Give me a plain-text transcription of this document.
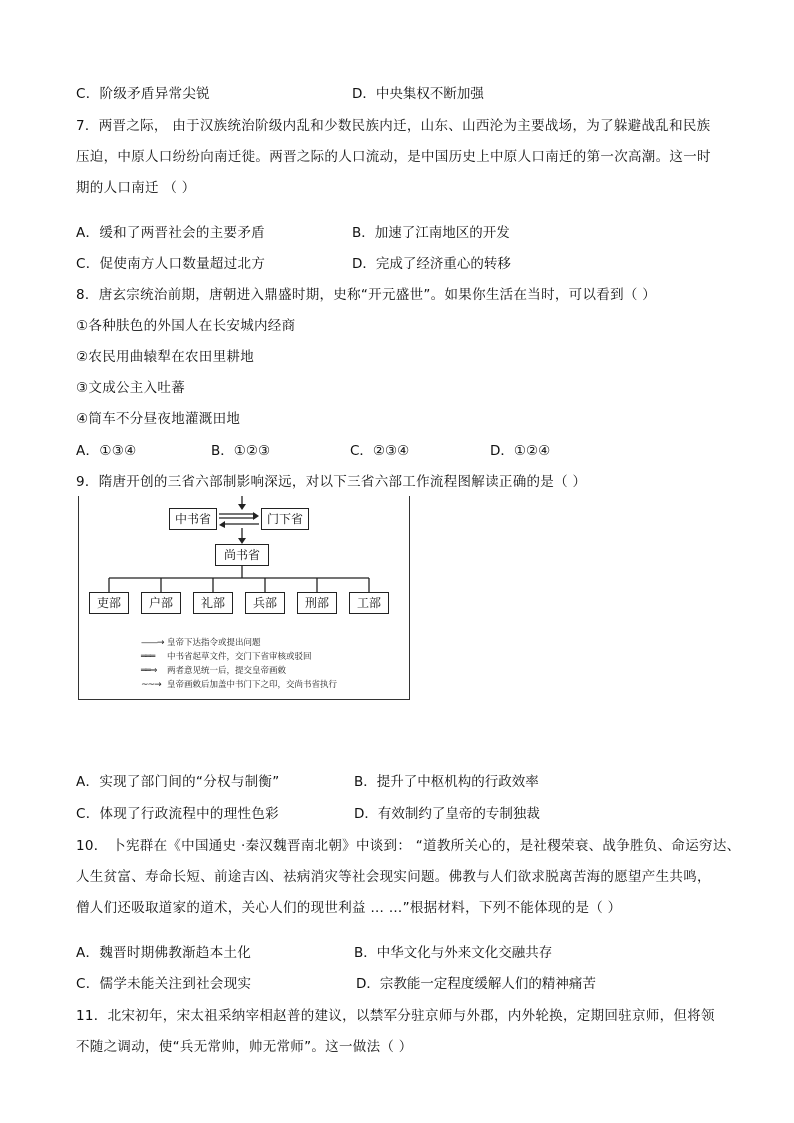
C．阶级矛盾异常尖锐	D．中央集权不断加强
7．两晋之际， 由于汉族统治阶级内乱和少数民族内迁，山东、山西沦为主要战场，为了躲避战乱和民族
压迫，中原人口纷纷向南迁徙。两晋之际的人口流动，是中国历史上中原人口南迁的第一次高潮。这一时
期的人口南迁 （ ）
A．缓和了两晋社会的主要矛盾	B．加速了江南地区的开发
C．促使南方人口数量超过北方	D．完成了经济重心的转移
8．唐玄宗统治前期，唐朝进入鼎盛时期，史称“开元盛世”。如果你生活在当时，可以看到（ ）
①各种肤色的外国人在长安城内经商
②农民用曲辕犁在农田里耕地
③文成公主入吐蕃
④筒车不分昼夜地灌溉田地
A．①③④	B．①②③	C．②③④	D．①②④
9．隋唐开创的三省六部制影响深远，对以下三省六部工作流程图解读正确的是（ ）
中书省	门下省
尚书省
吏部	户部	礼部	兵部	刑部	工部
——→ 皇帝下达指令或提出问题
═══ 中书省起草文件，交门下省审核或驳回
══⇒ 两者意见统一后，提交皇帝画敕
~~→ 皇帝画敕后加盖中书门下之印，交尚书省执行
A．实现了部门间的“分权与制衡”	B．提升了中枢机构的行政效率
C．体现了行政流程中的理性色彩	D．有效制约了皇帝的专制独裁
10． 卜宪群在《中国通史 ·秦汉魏晋南北朝》中谈到： “道教所关心的，是社稷荣衰、战争胜负、命运穷达、
人生贫富、寿命长短、前途吉凶、祛病消灾等社会现实问题。佛教与人们欲求脱离苦海的愿望产生共鸣，
僧人们还吸取道家的道术，关心人们的现世利益 … …”根据材料，下列不能体现的是（ ）
A．魏晋时期佛教渐趋本土化	B．中华文化与外来文化交融共存
C．儒学未能关注到社会现实	D．宗教能一定程度缓解人们的精神痛苦
11．北宋初年，宋太祖采纳宰相赵普的建议，以禁军分驻京师与外郡，内外轮换，定期回驻京师，但将领
不随之调动，使“兵无常帅，帅无常师”。这一做法（ ）
